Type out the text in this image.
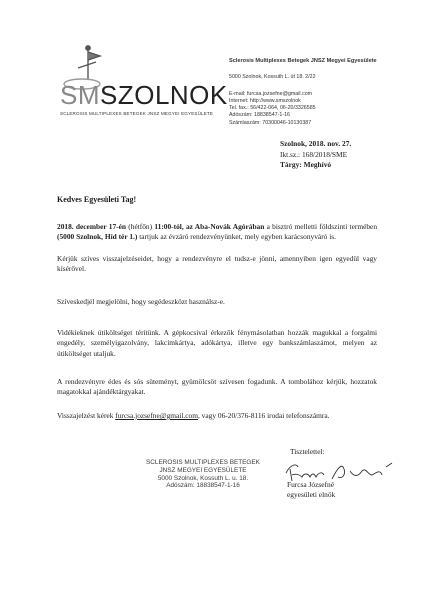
SMSZOLNOK
SCLEROSIS MULTIPLEXES BETEGEK JNSZ MEGYEI EGYESÜLETE
Sclerosis Multiplexes Betegek JNSZ Megyei Egyesülete
5000 Szolnok, Kossuth L. út 18. 2/22
E-mail: furcsa.jozsefne@gmail.com
Internet: http://www.smszolnok
Tel. fax.: 56/422-064, 06-20/3326585
Adószám: 18838547-1-16
Számlaszám: 70300046-10130387
Szolnok, 2018. nov. 27.
Ikt.sz.: 168/2018/SME
Tárgy: Meghívó
Kedves Egyesületi Tag!
2018. december 17-én (hétfőn) 11:00-tól, az Aba-Novák Agórában a bisztró melletti földszinti termében (5000 Szolnok, Híd tér 1.) tartjuk az évzáró rendezvényünket, mely egyben karácsonyváró is.
Kérjük szíves visszajelzéseidet, hogy a rendezvényre el tudsz-e jönni, amennyiben igen egyedül vagy kísérővel.
Szíveskedjél megjelölni, hogy segédeszközt használsz-e.
Vidékieknek útiköltséget térítünk. A gépkocsival érkezők fénymásolatban hozzák magukkal a forgalmi engedély, személyigazolvány, lakcímkártya, adókártya, illetve egy bankszámlaszámot, melyen az útiköltséget utaljuk.
A rendezvényre édes és sós süteményt, gyümölcsöt szívesen fogadunk. A tombolához kérjük, hozzatok magatokkal ajándéktárgyakat.
Visszajelzést kérek furcsa.jozsefne@gmail.com, vagy 06-20/376-8116 irodai telefonszámra.
Tisztelettel:
SCLEROSIS MULTIPLEXES BETEGEK
JNSZ MEGYEI EGYESÜLETE
5000 Szolnok, Kossuth L. u. 18.
Adószám: 18838547-1-16	Furcsa Józsefné
egyesületi elnök
